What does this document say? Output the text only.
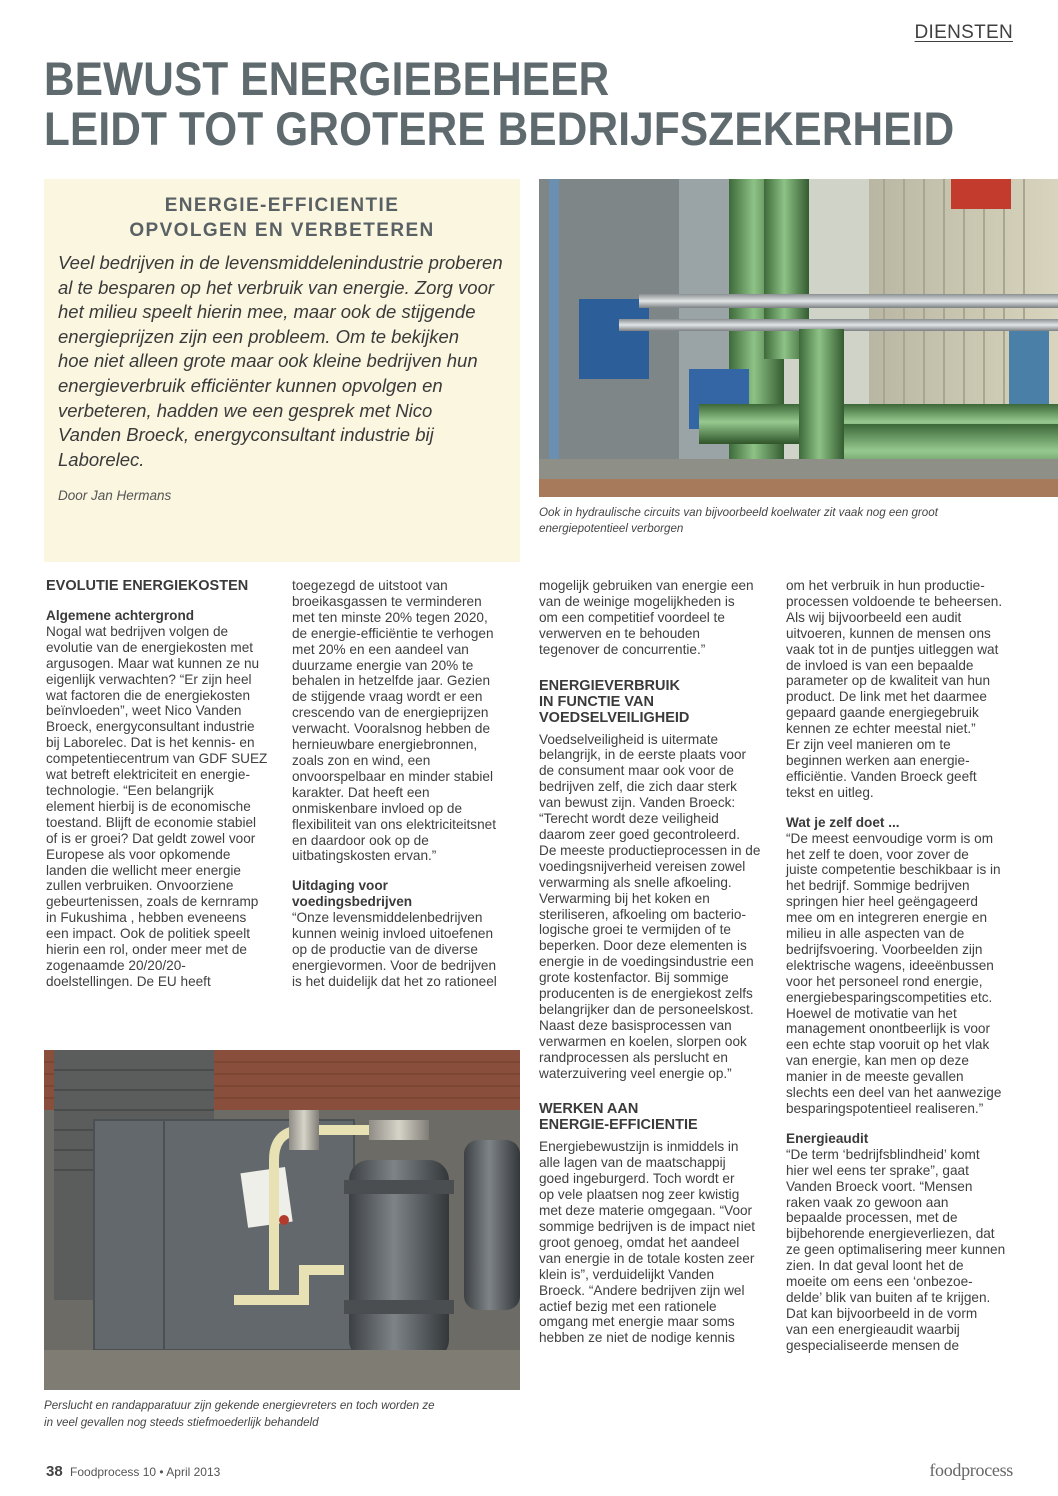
DIENSTEN
BEWUST ENERGIEBEHEER
LEIDT TOT GROTERE BEDRIJFSZEKERHEID
ENERGIE-EFFICIENTIE
OPVOLGEN EN VERBETEREN
Veel bedrijven in de levensmiddelenindustrie proberen
al te besparen op het verbruik van energie. Zorg voor
het milieu speelt hierin mee, maar ook de stijgende
energieprijzen zijn een probleem. Om te bekijken
hoe niet alleen grote maar ook kleine bedrijven hun
energieverbruik efficiënter kunnen opvolgen en
verbeteren, hadden we een gesprek met Nico
Vanden Broeck, energyconsultant industrie bij
Laborelec.
Door Jan Hermans
Ook in hydraulische circuits van bijvoorbeeld koelwater zit vaak nog een groot
energiepotentieel verborgen
EVOLUTIE ENERGIEKOSTEN
Algemene achtergrond
Nogal wat bedrijven volgen de
evolutie van de energiekosten met
argusogen. Maar wat kunnen ze nu
eigenlijk verwachten? “Er zijn heel
wat factoren die de energiekosten
beïnvloeden”, weet Nico Vanden
Broeck, energyconsultant industrie
bij Laborelec. Dat is het kennis- en
competentiecentrum van GDF SUEZ
wat betreft elektriciteit en energie-
technologie. “Een belangrijk
element hierbij is de economische
toestand. Blijft de economie stabiel
of is er groei? Dat geldt zowel voor
Europese als voor opkomende
landen die wellicht meer energie
zullen verbruiken. Onvoorziene
gebeurtenissen, zoals de kernramp
in Fukushima , hebben eveneens
een impact. Ook de politiek speelt
hierin een rol, onder meer met de
zogenaamde 20/20/20-
doelstellingen. De EU heeft
toegezegd de uitstoot van
broeikasgassen te verminderen
met ten minste 20% tegen 2020,
de energie-efficiëntie te verhogen
met 20% en een aandeel van
duurzame energie van 20% te
behalen in hetzelfde jaar. Gezien
de stijgende vraag wordt er een
crescendo van de energieprijzen
verwacht. Vooralsnog hebben de
hernieuwbare energiebronnen,
zoals zon en wind, een
onvoorspelbaar en minder stabiel
karakter. Dat heeft een
onmiskenbare invloed op de
flexibiliteit van ons elektriciteitsnet
en daardoor ook op de
uitbatingskosten ervan.”
Uitdaging voor
voedingsbedrijven
“Onze levensmiddelenbedrijven
kunnen weinig invloed uitoefenen
op de productie van de diverse
energievormen. Voor de bedrijven
is het duidelijk dat het zo rationeel
Perslucht en randapparatuur zijn gekende energievreters en toch worden ze
in veel gevallen nog steeds stiefmoederlijk behandeld
mogelijk gebruiken van energie een
van de weinige mogelijkheden is
om een competitief voordeel te
verwerven en te behouden
tegenover de concurrentie.”
ENERGIEVERBRUIK
IN FUNCTIE VAN
VOEDSELVEILIGHEID
Voedselveiligheid is uitermate
belangrijk, in de eerste plaats voor
de consument maar ook voor de
bedrijven zelf, die zich daar sterk
van bewust zijn. Vanden Broeck:
“Terecht wordt deze veiligheid
daarom zeer goed gecontroleerd.
De meeste productieprocessen in de
voedingsnijverheid vereisen zowel
verwarming als snelle afkoeling.
Verwarming bij het koken en
steriliseren, afkoeling om bacterio-
logische groei te vermijden of te
beperken. Door deze elementen is
energie in de voedingsindustrie een
grote kostenfactor. Bij sommige
producenten is de energiekost zelfs
belangrijker dan de personeelskost.
Naast deze basisprocessen van
verwarmen en koelen, slorpen ook
randprocessen als perslucht en
waterzuivering veel energie op.”
WERKEN AAN
ENERGIE-EFFICIENTIE
Energiebewustzijn is inmiddels in
alle lagen van de maatschappij
goed ingeburgerd. Toch wordt er
op vele plaatsen nog zeer kwistig
met deze materie omgegaan. “Voor
sommige bedrijven is de impact niet
groot genoeg, omdat het aandeel
van energie in de totale kosten zeer
klein is”, verduidelijkt Vanden
Broeck. “Andere bedrijven zijn wel
actief bezig met een rationele
omgang met energie maar soms
hebben ze niet de nodige kennis
om het verbruik in hun productie-
processen voldoende te beheersen.
Als wij bijvoorbeeld een audit
uitvoeren, kunnen de mensen ons
vaak tot in de puntjes uitleggen wat
de invloed is van een bepaalde
parameter op de kwaliteit van hun
product. De link met het daarmee
gepaard gaande energiegebruik
kennen ze echter meestal niet.”
Er zijn veel manieren om te
beginnen werken aan energie-
efficiëntie. Vanden Broeck geeft
tekst en uitleg.
Wat je zelf doet ...
“De meest eenvoudige vorm is om
het zelf te doen, voor zover de
juiste competentie beschikbaar is in
het bedrijf. Sommige bedrijven
springen hier heel geëngageerd
mee om en integreren energie en
milieu in alle aspecten van de
bedrijfsvoering. Voorbeelden zijn
elektrische wagens, ideeënbussen
voor het personeel rond energie,
energiebesparingscompetities etc.
Hoewel de motivatie van het
management onontbeerlijk is voor
een echte stap vooruit op het vlak
van energie, kan men op deze
manier in de meeste gevallen
slechts een deel van het aanwezige
besparingspotentieel realiseren.”
Energieaudit
“De term ‘bedrijfsblindheid’ komt
hier wel eens ter sprake”, gaat
Vanden Broeck voort. “Mensen
raken vaak zo gewoon aan
bepaalde processen, met de
bijbehorende energieverliezen, dat
ze geen optimalisering meer kunnen
zien. In dat geval loont het de
moeite om eens een ‘onbezoe-
delde’ blik van buiten af te krijgen.
Dat kan bijvoorbeeld in de vorm
van een energieaudit waarbij
gespecialiseerde mensen de
38 Foodprocess 10 • April 2013	foodprocess
